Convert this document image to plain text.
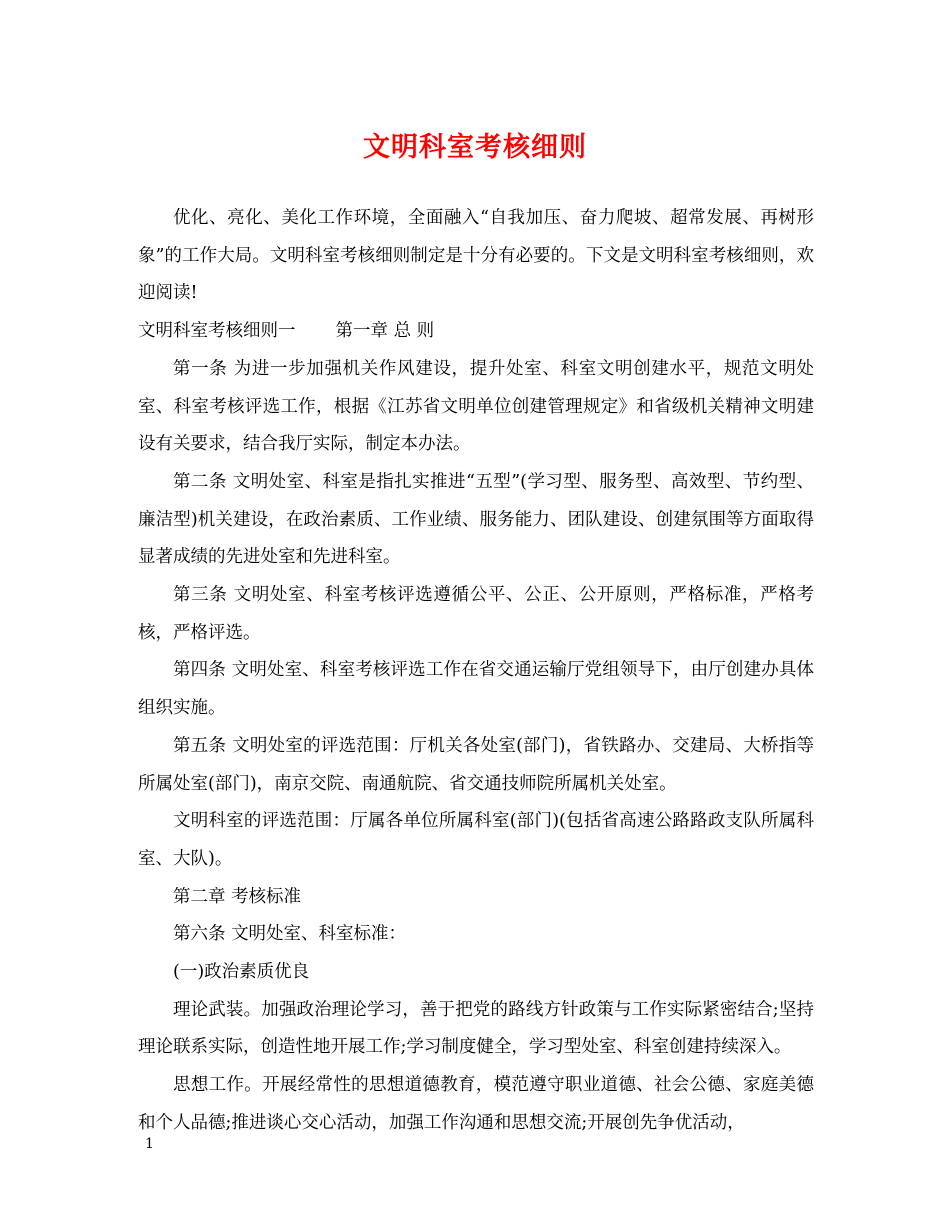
文明科室考核细则

优化、亮化、美化工作环境，全面融入“自我加压、奋力爬坡、超常发展、再树形象”的工作大局。文明科室考核细则制定是十分有必要的。下文是文明科室考核细则，欢迎阅读!

文明科室考核细则一 第一章 总 则

第一条 为进一步加强机关作风建设，提升处室、科室文明创建水平，规范文明处室、科室考核评选工作，根据《江苏省文明单位创建管理规定》和省级机关精神文明建设有关要求，结合我厅实际，制定本办法。

第二条 文明处室、科室是指扎实推进“五型”(学习型、服务型、高效型、节约型、廉洁型)机关建设，在政治素质、工作业绩、服务能力、团队建设、创建氛围等方面取得显著成绩的先进处室和先进科室。

第三条 文明处室、科室考核评选遵循公平、公正、公开原则，严格标准，严格考核，严格评选。

第四条 文明处室、科室考核评选工作在省交通运输厅党组领导下，由厅创建办具体组织实施。

第五条 文明处室的评选范围：厅机关各处室(部门)，省铁路办、交建局、大桥指等所属处室(部门)，南京交院、南通航院、省交通技师院所属机关处室。

文明科室的评选范围：厅属各单位所属科室(部门)(包括省高速公路路政支队所属科室、大队)。

第二章 考核标准

第六条 文明处室、科室标准：

(一)政治素质优良

理论武装。加强政治理论学习，善于把党的路线方针政策与工作实际紧密结合;坚持理论联系实际，创造性地开展工作;学习制度健全，学习型处室、科室创建持续深入。

思想工作。开展经常性的思想道德教育，模范遵守职业道德、社会公德、家庭美德和个人品德;推进谈心交心活动，加强工作沟通和思想交流;开展创先争优活动，

1
